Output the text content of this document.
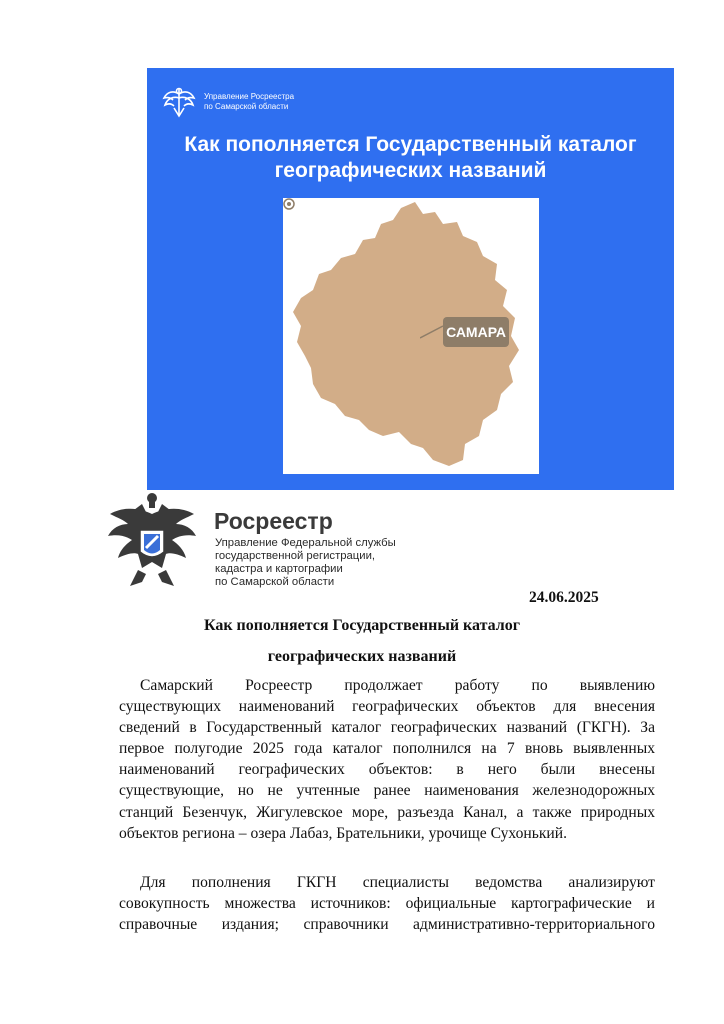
Управление Росреестра
по Самарской области
Как пополняется Государственный каталог
географических названий
САМАРА
Росреестр
Управление Федеральной службы
государственной регистрации,
кадастра и картографии
по Самарской области
24.06.2025
Как пополняется Государственный каталог
географических названий
Самарский Росреестр продолжает работу по выявлению
существующих наименований географических объектов для внесения
сведений в Государственный каталог географических названий (ГКГН). За
первое полугодие 2025 года каталог пополнился на 7 вновь выявленных
наименований географических объектов: в него были внесены
существующие, но не учтенные ранее наименования железнодорожных
станций Безенчук, Жигулевское море, разъезда Канал, а также природных
объектов региона – озера Лабаз, Брательники, урочище Сухонький.
Для пополнения ГКГН специалисты ведомства анализируют
совокупность множества источников: официальные картографические и
справочные издания; справочники административно-территориального
